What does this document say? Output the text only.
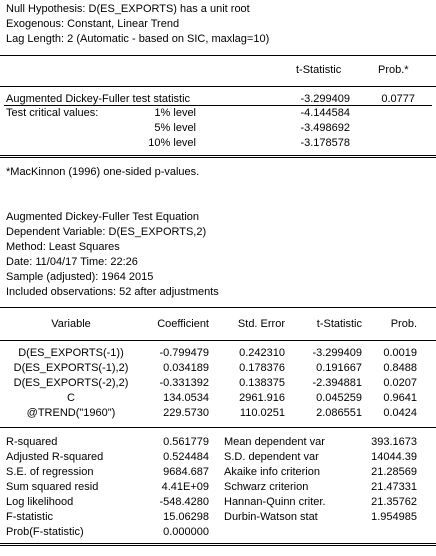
Null Hypothesis: D(ES_EXPORTS) has a unit root
Exogenous: Constant, Linear Trend
Lag Length: 2 (Automatic - based on SIC, maxlag=10)
t-Statistic	Prob.*
Augmented Dickey-Fuller test statistic	-3.299409	0.0777
Test critical values:	1% level	-4.144584
5% level	-3.498692
10% level	-3.178578
*MacKinnon (1996) one-sided p-values.
Augmented Dickey-Fuller Test Equation
Dependent Variable: D(ES_EXPORTS,2)
Method: Least Squares
Date: 11/04/17 Time: 22:26
Sample (adjusted): 1964 2015
Included observations: 52 after adjustments
Variable	Coefficient	Std. Error	t-Statistic	Prob.
D(ES_EXPORTS(-1))	-0.799479	0.242310	-3.299409	0.0019
D(ES_EXPORTS(-1),2)	0.034189	0.178376	0.191667	0.8488
D(ES_EXPORTS(-2),2)	-0.331392	0.138375	-2.394881	0.0207
C	134.0534	2961.916	0.045259	0.9641
@TREND("1960")	229.5730	110.0251	2.086551	0.0424
R-squared	0.561779 Mean dependent var	393.1673
Adjusted R-squared	0.524484 S.D. dependent var	14044.39
S.E. of regression	9684.687 Akaike info criterion	21.28569
Sum squared resid	4.41E+09 Schwarz criterion	21.47331
Log likelihood	-548.4280 Hannan-Quinn criter.	21.35762
F-statistic	15.06298 Durbin-Watson stat	1.954985
Prob(F-statistic)	0.000000
